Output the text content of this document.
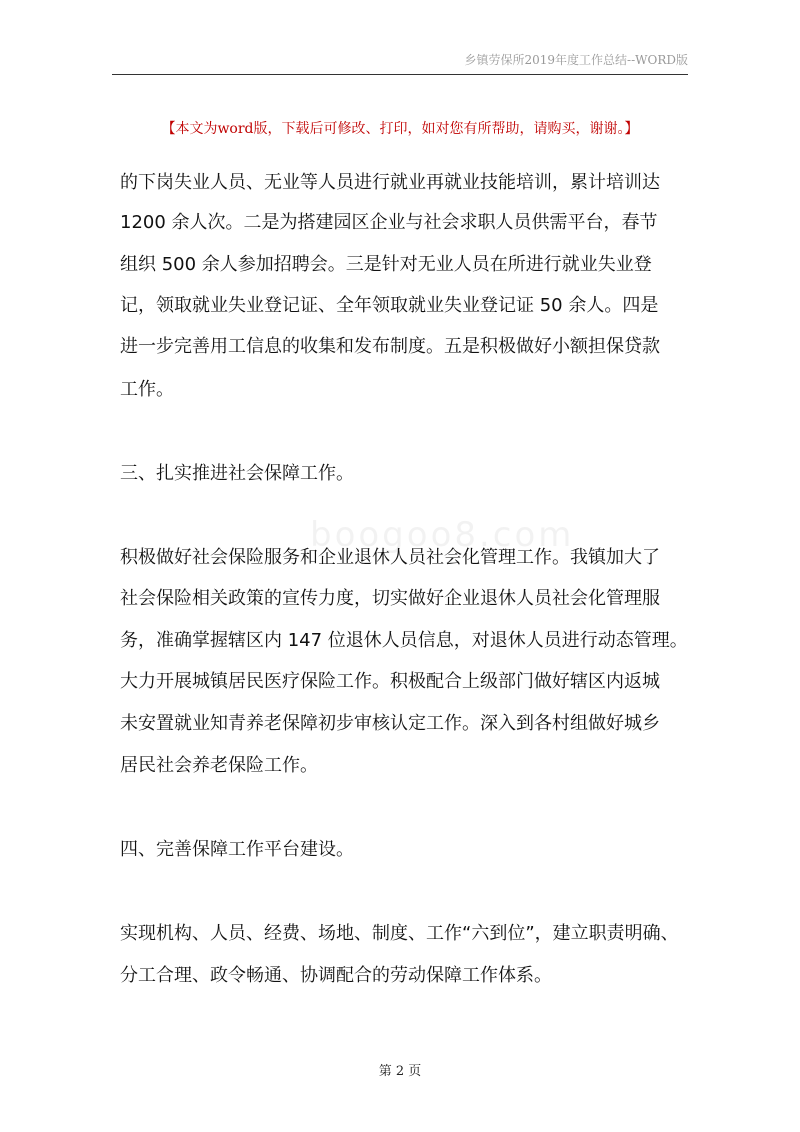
乡镇劳保所2019年度工作总结--WORD版
【本文为word版，下载后可修改、打印，如对您有所帮助，请购买，谢谢。】
boogoo8.com
的下岗失业人员、无业等人员进行就业再就业技能培训，累计培训达
1200 余人次。二是为搭建园区企业与社会求职人员供需平台，春节
组织 500 余人参加招聘会。三是针对无业人员在所进行就业失业登
记，领取就业失业登记证、全年领取就业失业登记证 50 余人。四是
进一步完善用工信息的收集和发布制度。五是积极做好小额担保贷款
工作。
三、扎实推进社会保障工作。
积极做好社会保险服务和企业退休人员社会化管理工作。我镇加大了
社会保险相关政策的宣传力度，切实做好企业退休人员社会化管理服
务，准确掌握辖区内 147 位退休人员信息，对退休人员进行动态管理。
大力开展城镇居民医疗保险工作。积极配合上级部门做好辖区内返城
未安置就业知青养老保障初步审核认定工作。深入到各村组做好城乡
居民社会养老保险工作。
四、完善保障工作平台建设。
实现机构、人员、经费、场地、制度、工作“六到位”，建立职责明确、
分工合理、政令畅通、协调配合的劳动保障工作体系。
第 2 页
